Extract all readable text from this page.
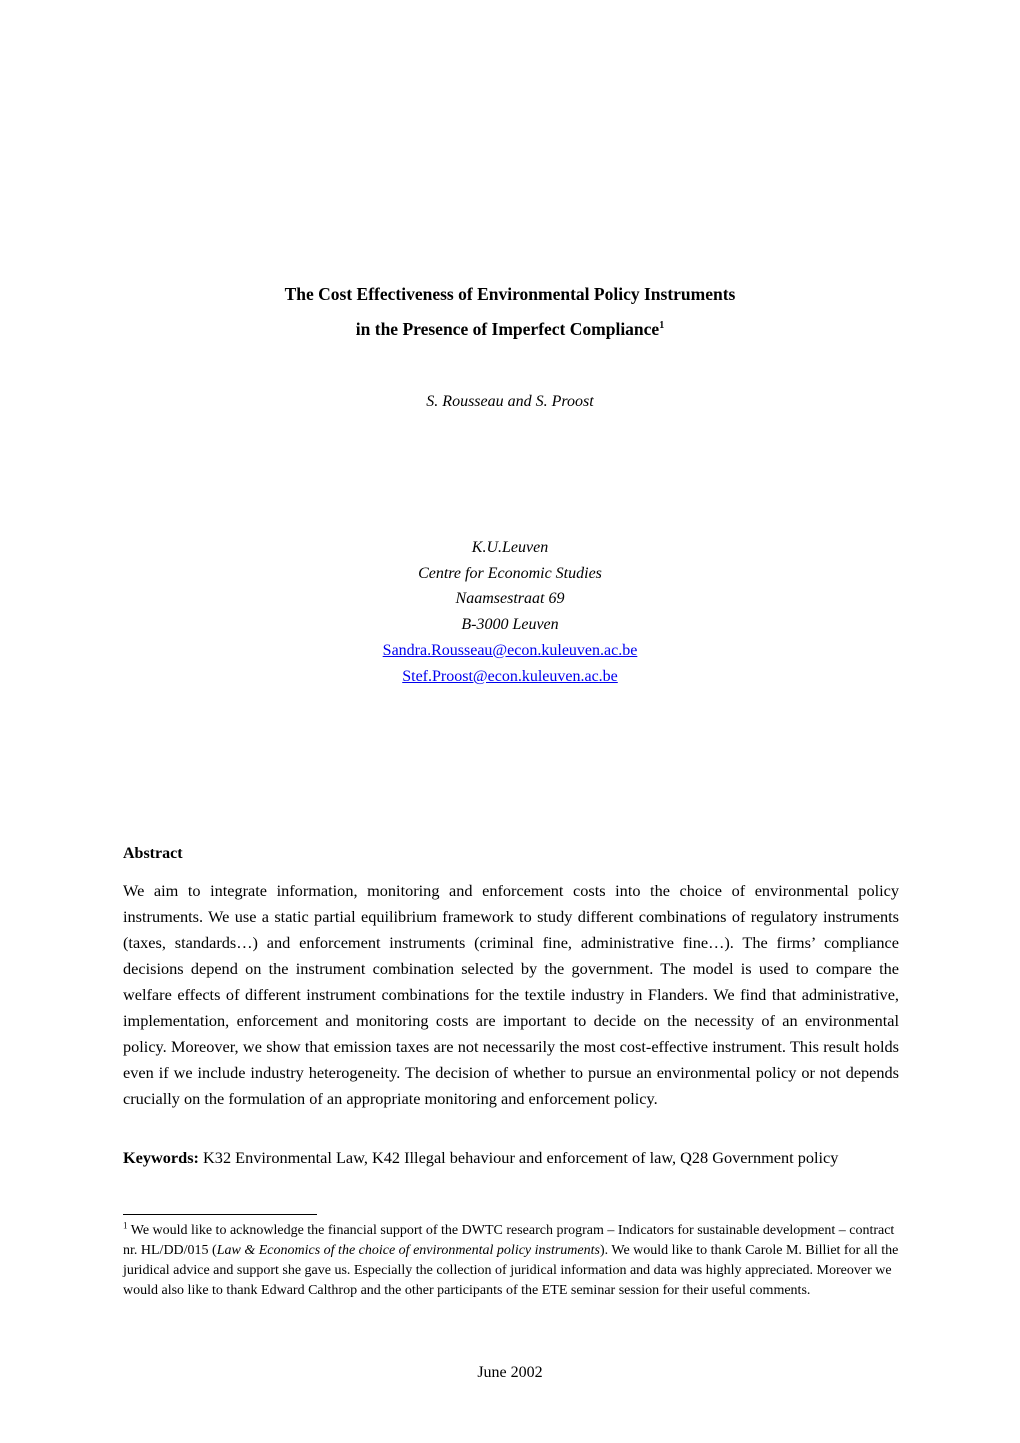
The Cost Effectiveness of Environmental Policy Instruments
in the Presence of Imperfect Compliance$^1$
S. Rousseau and S. Proost
K.U.Leuven
Centre for Economic Studies
Naamsestraat 69
B-3000 Leuven
Sandra.Rousseau@econ.kuleuven.ac.be
Stef.Proost@econ.kuleuven.ac.be
Abstract
We aim to integrate information, monitoring and enforcement costs into the choice of environmental policy instruments. We use a static partial equilibrium framework to study different combinations of regulatory instruments (taxes, standards…) and enforcement instruments (criminal fine, administrative fine…). The firms’ compliance decisions depend on the instrument combination selected by the government. The model is used to compare the welfare effects of different instrument combinations for the textile industry in Flanders. We find that administrative, implementation, enforcement and monitoring costs are important to decide on the necessity of an environmental policy. Moreover, we show that emission taxes are not necessarily the most cost-effective instrument. This result holds even if we include industry heterogeneity. The decision of whether to pursue an environmental policy or not depends crucially on the formulation of an appropriate monitoring and enforcement policy.
Keywords: K32 Environmental Law, K42 Illegal behaviour and enforcement of law, Q28 Government policy
$^1$ We would like to acknowledge the financial support of the DWTC research program – Indicators for sustainable development – contract nr. HL/DD/015 (Law & Economics of the choice of environmental policy instruments). We would like to thank Carole M. Billiet for all the juridical advice and support she gave us. Especially the collection of juridical information and data was highly appreciated. Moreover we would also like to thank Edward Calthrop and the other participants of the ETE seminar session for their useful comments.
June 2002
